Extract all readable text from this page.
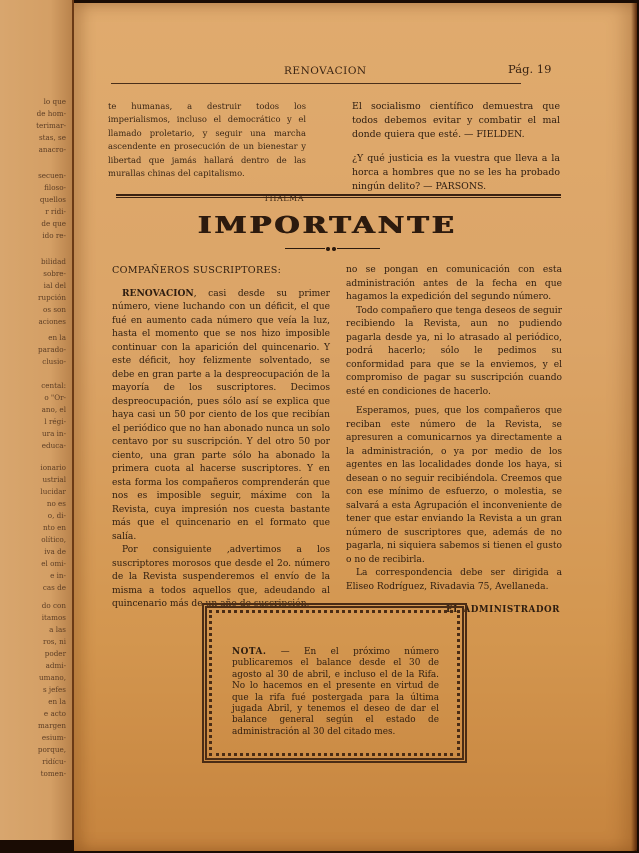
lo que
de hom-
terimar-
stas, se
anacro-
secuen-
filoso-
quellos
r ridi-
de que
ido re-
bilidad
sobre-
ial del
rupción
os son
aciones
en la
parado-
clusio-
cental:
o "Or-
ano, el
l régi-
ura in-
educa-
ionario
ustrial
lucidar
no es
o, di-
nto en
olítico,
iva de
el omi-
e in-
cas de
do con
itamos
a las
ros, ni
poder
admi-
umano,
s jefes
en la
e acto
margen
esium-
porque,
ridícu-
tomen-
RENOVACION	Pág. 19

te humanas, a destruir todos los imperialismos, incluso el democrático y el llamado proletario, y seguir una marcha ascendente en prosecución de un bienestar y libertad que jamás hallará dentro de las murallas chinas del capitalismo.

THALMA

El socialismo científico demuestra que todos debemos evitar y combatir el mal donde quiera que esté. — FIELDEN.

¿Y qué justicia es la vuestra que lleva a la horca a hombres que no se les ha probado ningún delito? — PARSONS.

IMPORTANTE
COMPAÑEROS SUSCRIPTORES:

RENOVACION, casi desde su primer número, viene luchando con un déficit, el que fué en aumento cada número que veía la luz, hasta el momento que se nos hizo imposible continuar con la aparición del quincenario. Y este déficit, hoy felizmente solventado, se debe en gran parte a la despreocupación de la mayoría de los suscriptores. Decimos despreocupación, pues sólo así se explica que haya casi un 50 por ciento de los que recibían el periódico que no han abonado nunca un solo centavo por su suscripción. Y del otro 50 por ciento, una gran parte sólo ha abonado la primera cuota al hacerse suscriptores. Y en esta forma los compañeros comprenderán que nos es imposible seguir, máxime con la Revista, cuya impresión nos cuesta bastante más que el quincenario en el formato que salía.

Por consiguiente ,advertimos a los suscriptores morosos que desde el 2o. número de la Revista suspenderemos el envío de la misma a todos aquellos que, adeudando al quincenario más de un año de suscripción,

no se pongan en comunicación con esta administración antes de la fecha en que hagamos la expedición del segundo número.

Todo compañero que tenga deseos de seguir recibiendo la Revista, aun no pudiendo pagarla desde ya, ni lo atrasado al periódico, podrá hacerlo; sólo le pedimos su conformidad para que se la enviemos, y el compromiso de pagar su suscripción cuando esté en condiciones de hacerlo.

Esperamos, pues, que los compañeros que reciban este número de la Revista, se apresuren a comunicarnos ya directamente a la administración, o ya por medio de los agentes en las localidades donde los haya, si desean o no seguir recibiéndola. Creemos que con ese mínimo de esfuerzo, o molestia, se salvará a esta Agrupación el inconveniente de tener que estar enviando la Revista a un gran número de suscriptores que, además de no pagarla, ni siquiera sabemos si tienen el gusto o no de recibirla.

La correspondencia debe ser dirigida a Eliseo Rodríguez, Rivadavia 75, Avellaneda.

EL ADMINISTRADOR

NOTA. — En el próximo número publicaremos el balance desde el 30 de agosto al 30 de abril, e incluso el de la Rifa. No lo hacemos en el presente en virtud de que la rifa fué postergada para la última jugada Abril, y tenemos el deseo de dar el balance general según el estado de administración al 30 del citado mes.
